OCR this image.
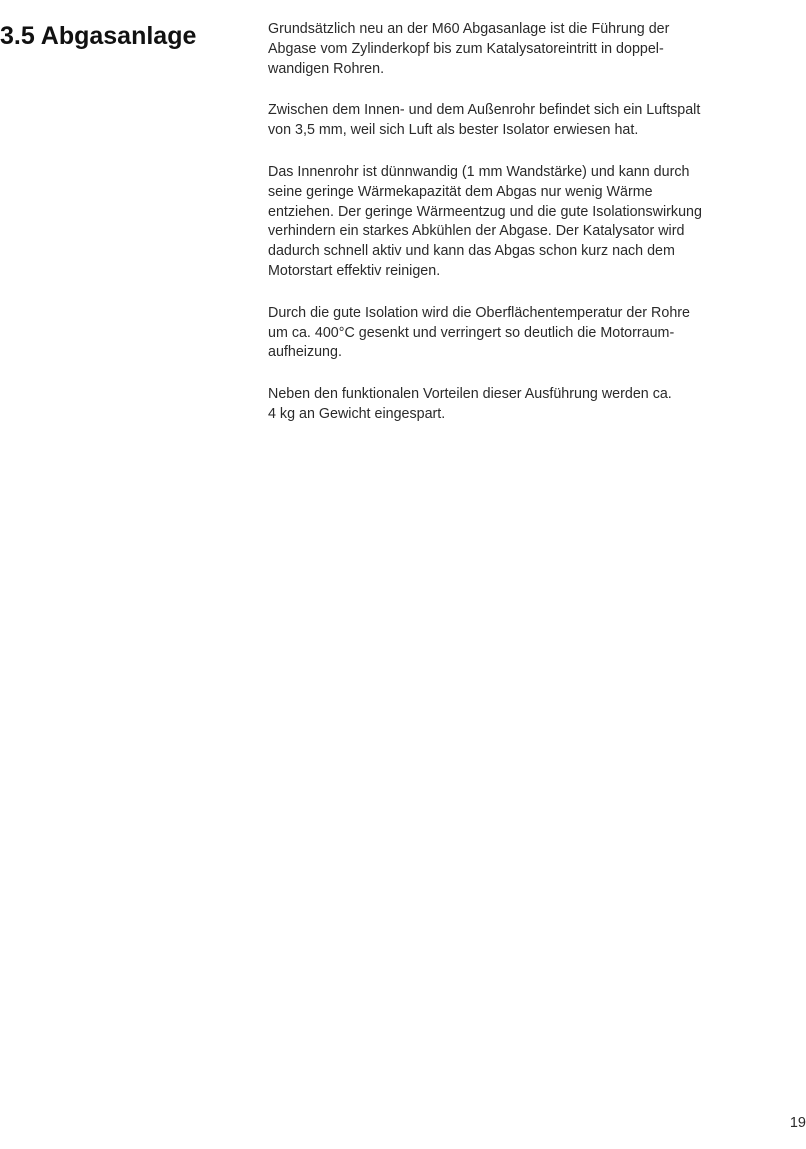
3.5 Abgasanlage	Grundsätzlich neu an der M60 Abgasanlage ist die Führung der
Abgase vom Zylinderkopf bis zum Katalysatoreintritt in doppel-
wandigen Rohren.

Zwischen dem Innen- und dem Außenrohr befindet sich ein Luftspalt
von 3,5 mm, weil sich Luft als bester Isolator erwiesen hat.

Das Innenrohr ist dünnwandig (1 mm Wandstärke) und kann durch
seine geringe Wärmekapazität dem Abgas nur wenig Wärme
entziehen. Der geringe Wärmeentzug und die gute Isolationswirkung
verhindern ein starkes Abkühlen der Abgase. Der Katalysator wird
dadurch schnell aktiv und kann das Abgas schon kurz nach dem
Motorstart effektiv reinigen.

Durch die gute Isolation wird die Oberflächentemperatur der Rohre
um ca. 400°C gesenkt und verringert so deutlich die Motorraum-
aufheizung.

Neben den funktionalen Vorteilen dieser Ausführung werden ca.
4 kg an Gewicht eingespart.

19
